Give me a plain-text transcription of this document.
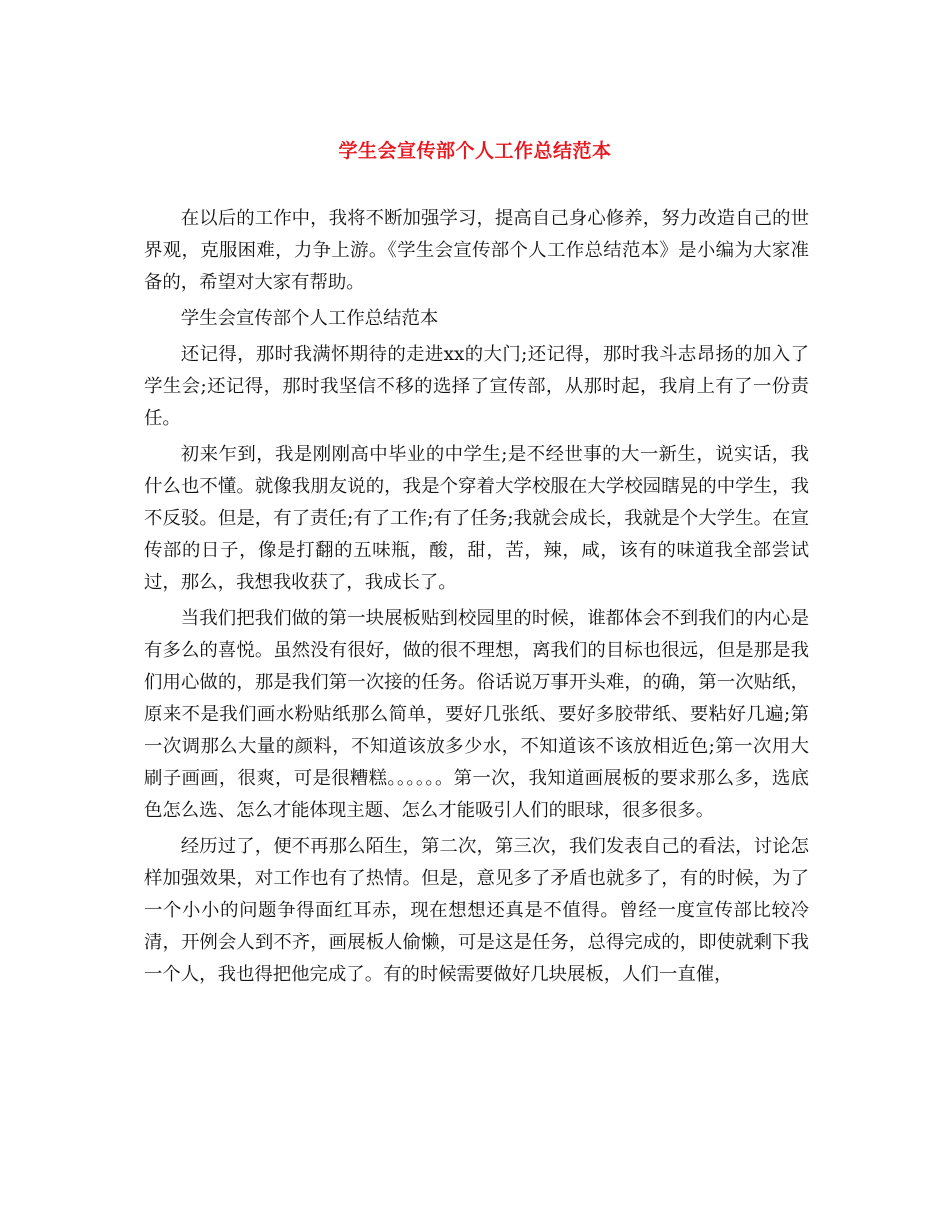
学生会宣传部个人工作总结范本

在以后的工作中，我将不断加强学习，提高自己身心修养，努力改造自己的世界观，克服困难，力争上游。《学生会宣传部个人工作总结范本》是小编为大家准备的，希望对大家有帮助。

学生会宣传部个人工作总结范本

还记得，那时我满怀期待的走进xx的大门;还记得，那时我斗志昂扬的加入了学生会;还记得，那时我坚信不移的选择了宣传部，从那时起，我肩上有了一份责任。

初来乍到，我是刚刚高中毕业的中学生;是不经世事的大一新生，说实话，我什么也不懂。就像我朋友说的，我是个穿着大学校服在大学校园瞎晃的中学生，我不反驳。但是，有了责任;有了工作;有了任务;我就会成长，我就是个大学生。在宣传部的日子，像是打翻的五味瓶，酸，甜，苦，辣，咸，该有的味道我全部尝试过，那么，我想我收获了，我成长了。

当我们把我们做的第一块展板贴到校园里的时候，谁都体会不到我们的内心是有多么的喜悦。虽然没有很好，做的很不理想，离我们的目标也很远，但是那是我们用心做的，那是我们第一次接的任务。俗话说万事开头难，的确，第一次贴纸，原来不是我们画水粉贴纸那么简单，要好几张纸、要好多胶带纸、要粘好几遍;第一次调那么大量的颜料，不知道该放多少水，不知道该不该放相近色;第一次用大刷子画画，很爽，可是很糟糕。。。。。。第一次，我知道画展板的要求那么多，选底色怎么选、怎么才能体现主题、怎么才能吸引人们的眼球，很多很多。

经历过了，便不再那么陌生，第二次，第三次，我们发表自己的看法，讨论怎样加强效果，对工作也有了热情。但是，意见多了矛盾也就多了，有的时候，为了一个小小的问题争得面红耳赤，现在想想还真是不值得。曾经一度宣传部比较冷清，开例会人到不齐，画展板人偷懒，可是这是任务，总得完成的，即使就剩下我一个人，我也得把他完成了。有的时候需要做好几块展板，人们一直催，
